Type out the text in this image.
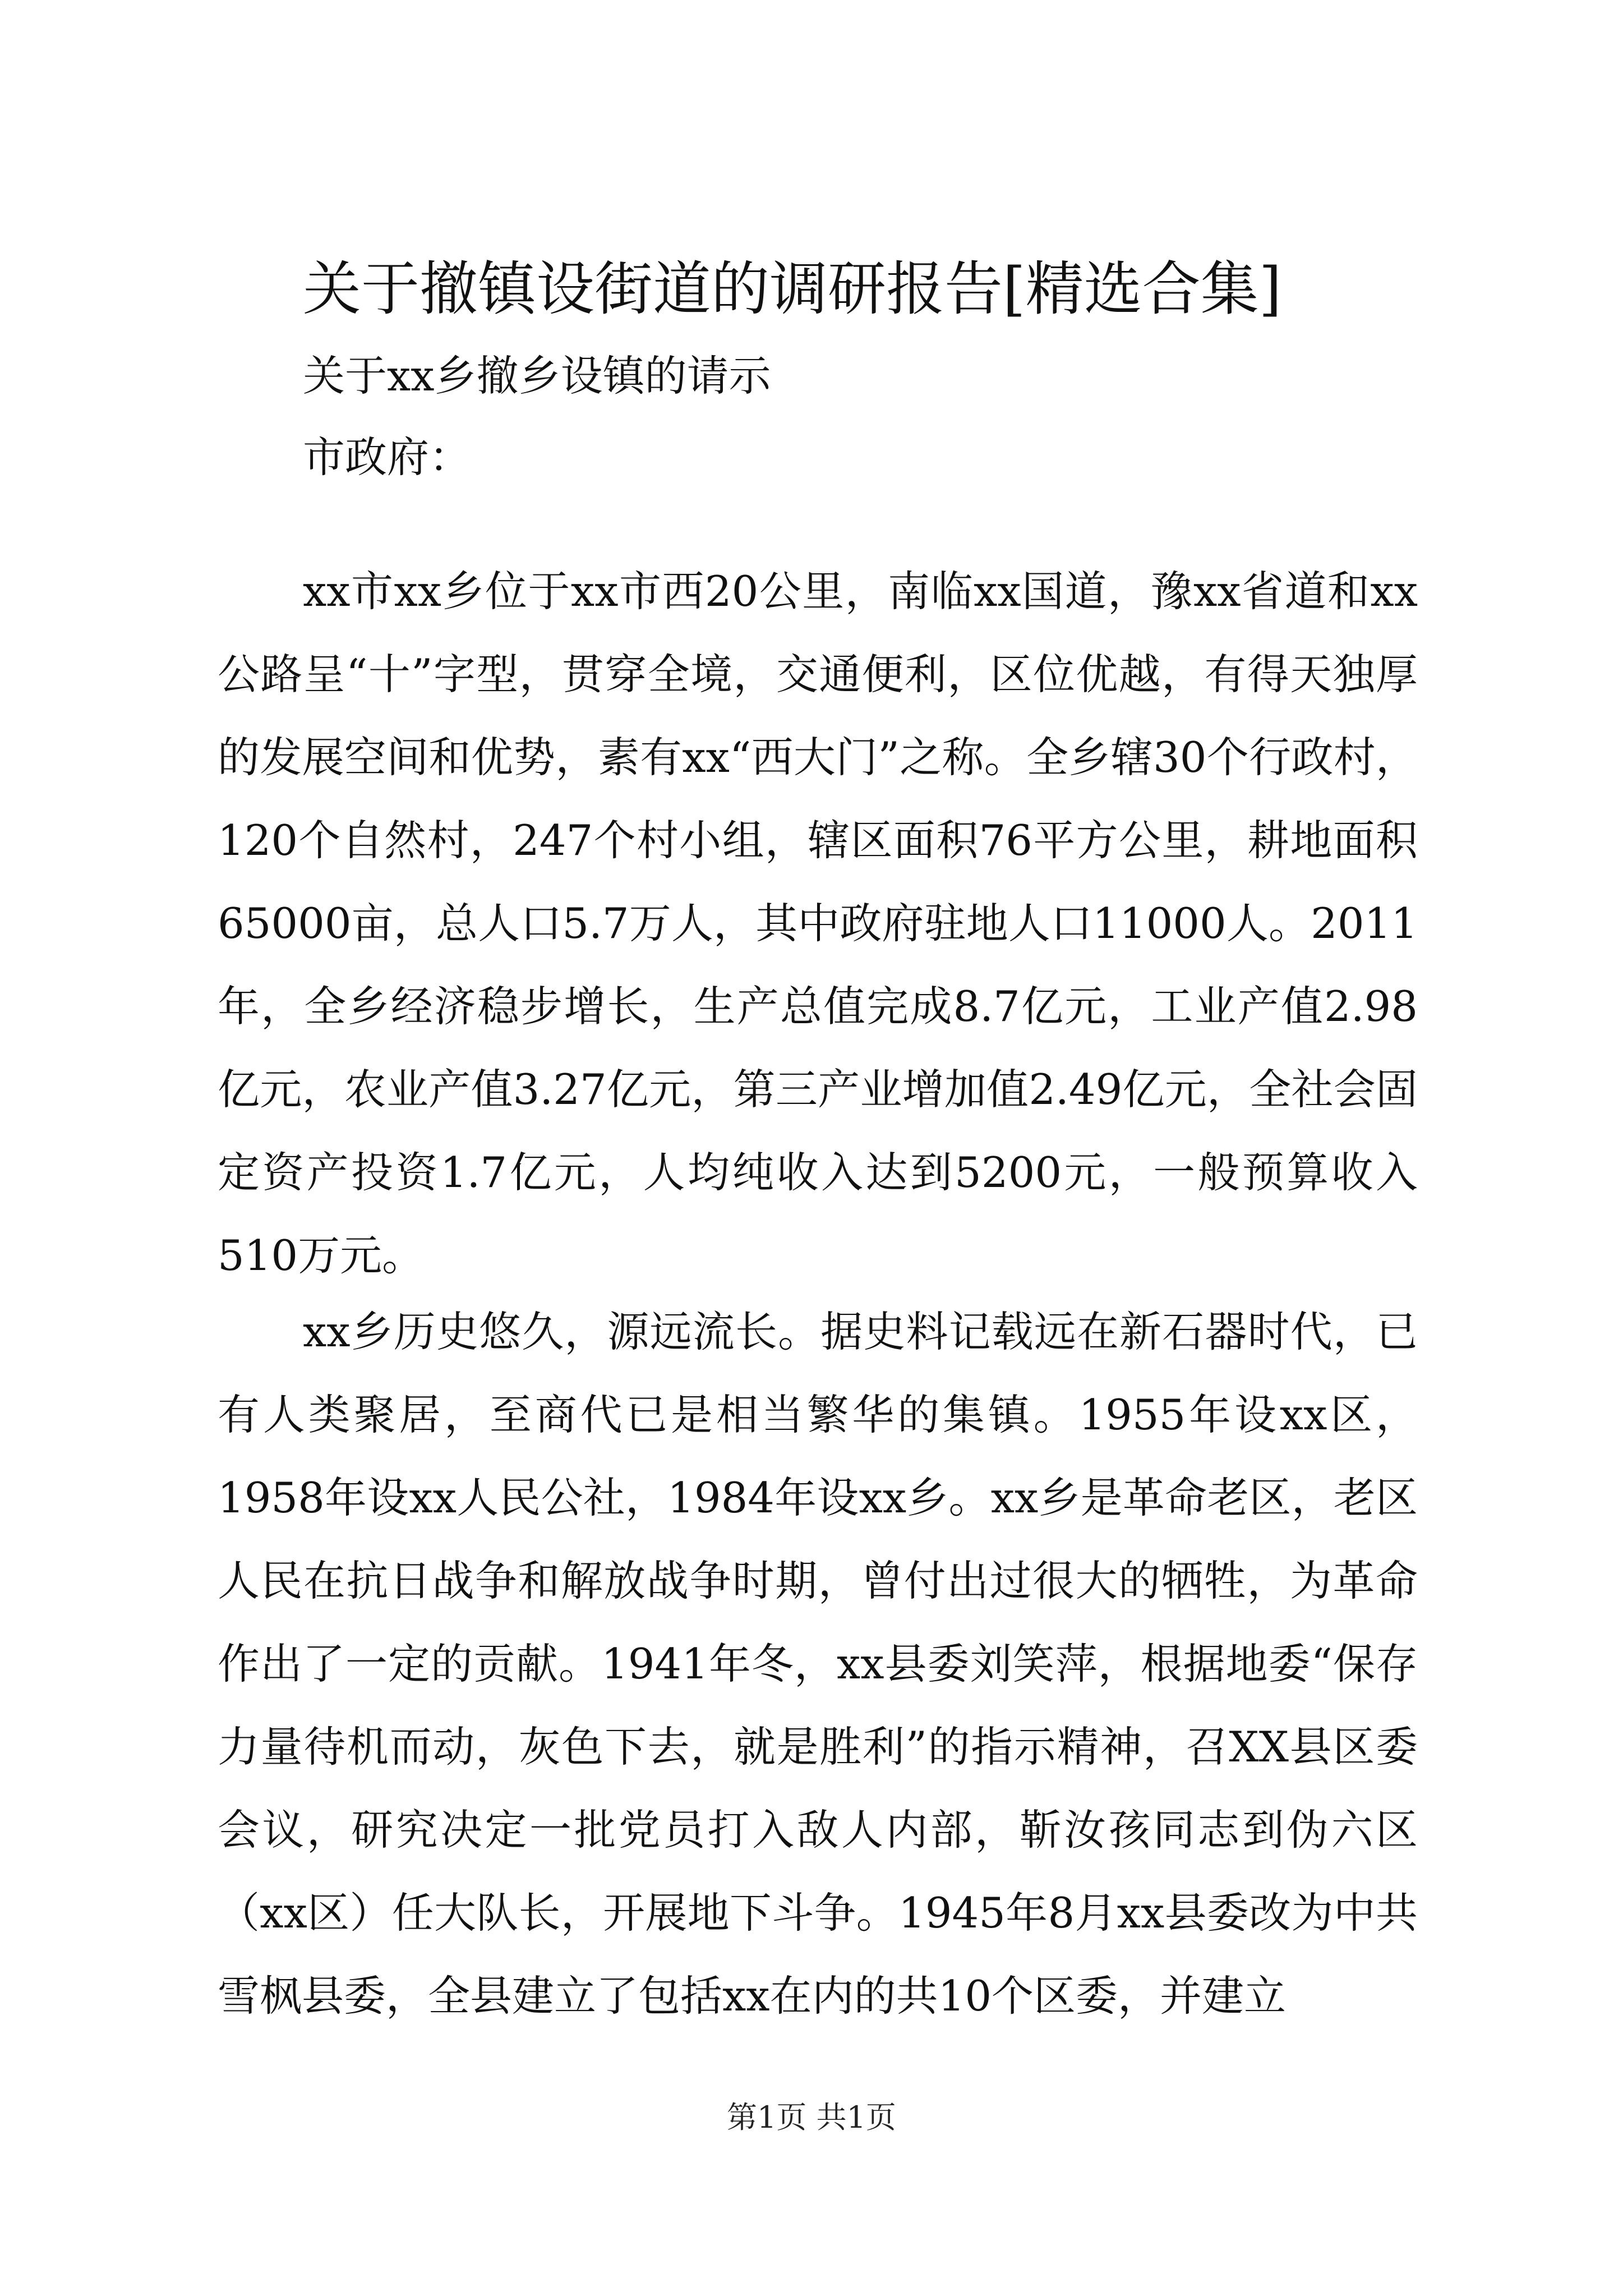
关于撤镇设街道的调研报告[精选合集]

关于xx乡撤乡设镇的请示

市政府：

xx市xx乡位于xx市西20公里，南临xx国道，豫xx省道和xx公路呈“十”字型，贯穿全境，交通便利，区位优越，有得天独厚的发展空间和优势，素有xx“西大门”之称。全乡辖30个行政村，120个自然村，247个村小组，辖区面积76平方公里，耕地面积65000亩，总人口5.7万人，其中政府驻地人口11000人。2011年，全乡经济稳步增长，生产总值完成8.7亿元，工业产值2.98亿元，农业产值3.27亿元，第三产业增加值2.49亿元，全社会固定资产投资1.7亿元，人均纯收入达到5200元，一般预算收入510万元。

xx乡历史悠久，源远流长。据史料记载远在新石器时代，已有人类聚居，至商代已是相当繁华的集镇。1955年设xx区，1958年设xx人民公社，1984年设xx乡。xx乡是革命老区，老区人民在抗日战争和解放战争时期，曾付出过很大的牺牲，为革命作出了一定的贡献。1941年冬，xx县委刘笑萍，根据地委“保存力量待机而动，灰色下去，就是胜利”的指示精神，召XX县区委会议，研究决定一批党员打入敌人内部，靳汝孩同志到伪六区（xx区）任大队长，开展地下斗争。1945年8月xx县委改为中共雪枫县委，全县建立了包括xx在内的共10个区委，并建立

第1页 共1页
